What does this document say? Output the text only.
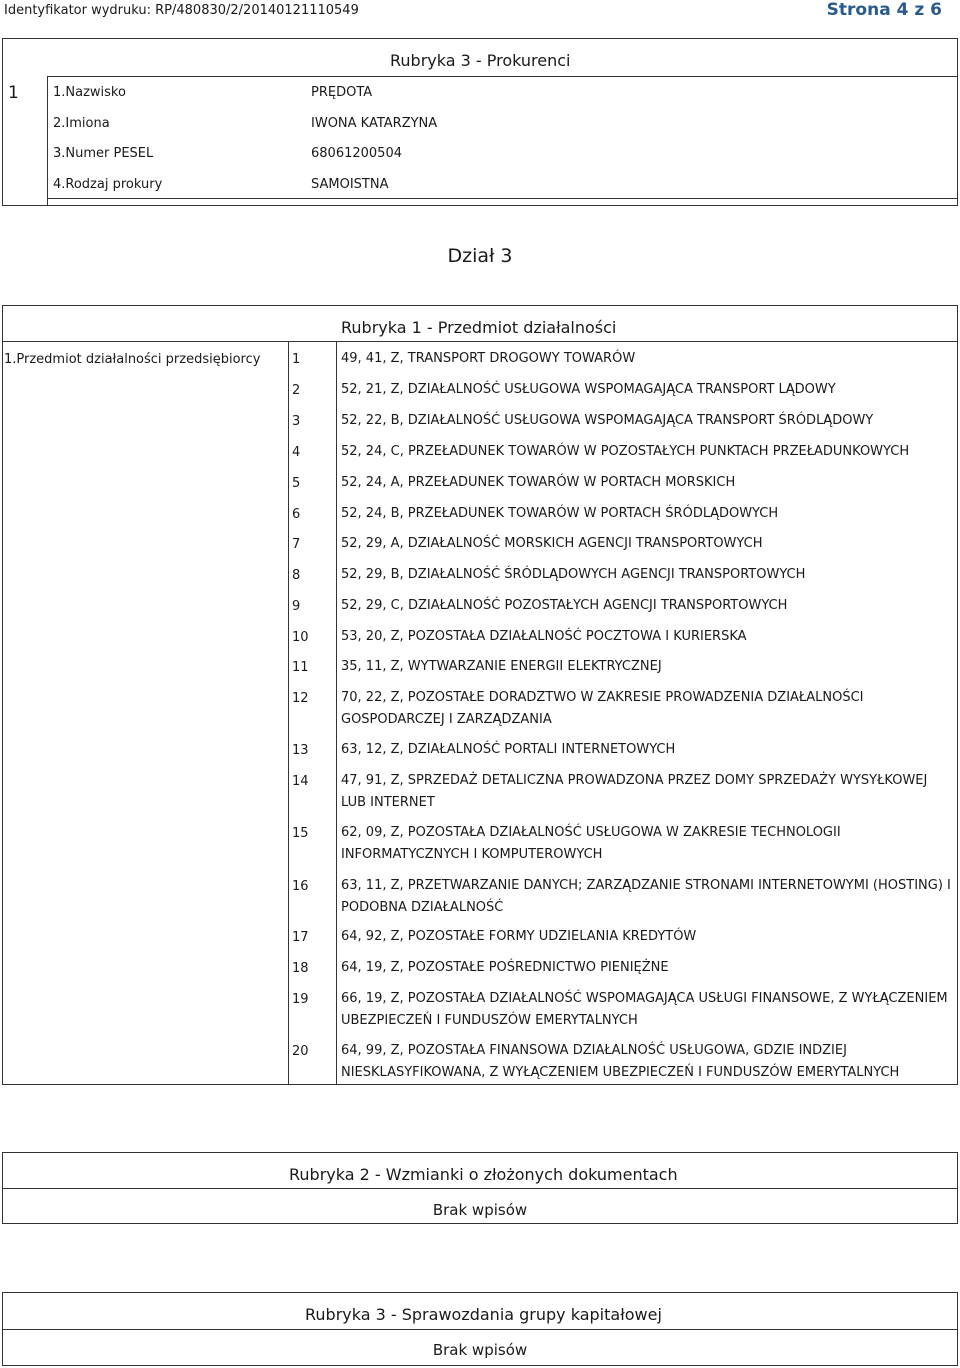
Identyfikator wydruku: RP/480830/2/20140121110549	Strona 4 z 6
Rubryka 3 - Prokurenci
1	1.Nazwisko	PRĘDOTA
2.Imiona	IWONA KATARZYNA
3.Numer PESEL	68061200504
4.Rodzaj prokury	SAMOISTNA
Dział 3
Rubryka 1 - Przedmiot działalności
1.Przedmiot działalności przedsiębiorcy 1	49, 41, Z, TRANSPORT DROGOWY TOWARÓW
2	52, 21, Z, DZIAŁALNOŚĆ USŁUGOWA WSPOMAGAJĄCA TRANSPORT LĄDOWY
3	52, 22, B, DZIAŁALNOŚĆ USŁUGOWA WSPOMAGAJĄCA TRANSPORT ŚRÓDLĄDOWY
4	52, 24, C, PRZEŁADUNEK TOWARÓW W POZOSTAŁYCH PUNKTACH PRZEŁADUNKOWYCH
5	52, 24, A, PRZEŁADUNEK TOWARÓW W PORTACH MORSKICH
6	52, 24, B, PRZEŁADUNEK TOWARÓW W PORTACH ŚRÓDLĄDOWYCH
7	52, 29, A, DZIAŁALNOŚĆ MORSKICH AGENCJI TRANSPORTOWYCH
8	52, 29, B, DZIAŁALNOŚĆ ŚRÓDLĄDOWYCH AGENCJI TRANSPORTOWYCH
9	52, 29, C, DZIAŁALNOŚĆ POZOSTAŁYCH AGENCJI TRANSPORTOWYCH
10 53, 20, Z, POZOSTAŁA DZIAŁALNOŚĆ POCZTOWA I KURIERSKA
11 35, 11, Z, WYTWARZANIE ENERGII ELEKTRYCZNEJ
12 70, 22, Z, POZOSTAŁE DORADZTWO W ZAKRESIE PROWADZENIA DZIAŁALNOŚCI GOSPODARCZEJ I ZARZĄDZANIA
13 63, 12, Z, DZIAŁALNOŚĆ PORTALI INTERNETOWYCH
14 47, 91, Z, SPRZEDAŻ DETALICZNA PROWADZONA PRZEZ DOMY SPRZEDAŻY WYSYŁKOWEJ LUB INTERNET
15 62, 09, Z, POZOSTAŁA DZIAŁALNOŚĆ USŁUGOWA W ZAKRESIE TECHNOLOGII INFORMATYCZNYCH I KOMPUTEROWYCH
16 63, 11, Z, PRZETWARZANIE DANYCH; ZARZĄDZANIE STRONAMI INTERNETOWYMI (HOSTING) I PODOBNA DZIAŁALNOŚĆ
17 64, 92, Z, POZOSTAŁE FORMY UDZIELANIA KREDYTÓW
18 64, 19, Z, POZOSTAŁE POŚREDNICTWO PIENIĘŻNE
19 66, 19, Z, POZOSTAŁA DZIAŁALNOŚĆ WSPOMAGAJĄCA USŁUGI FINANSOWE, Z WYŁĄCZENIEM UBEZPIECZEŃ I FUNDUSZÓW EMERYTALNYCH
20 64, 99, Z, POZOSTAŁA FINANSOWA DZIAŁALNOŚĆ USŁUGOWA, GDZIE INDZIEJ NIESKLASYFIKOWANA, Z WYŁĄCZENIEM UBEZPIECZEŃ I FUNDUSZÓW EMERYTALNYCH
Rubryka 2 - Wzmianki o złożonych dokumentach
Brak wpisów
Rubryka 3 - Sprawozdania grupy kapitałowej
Brak wpisów
